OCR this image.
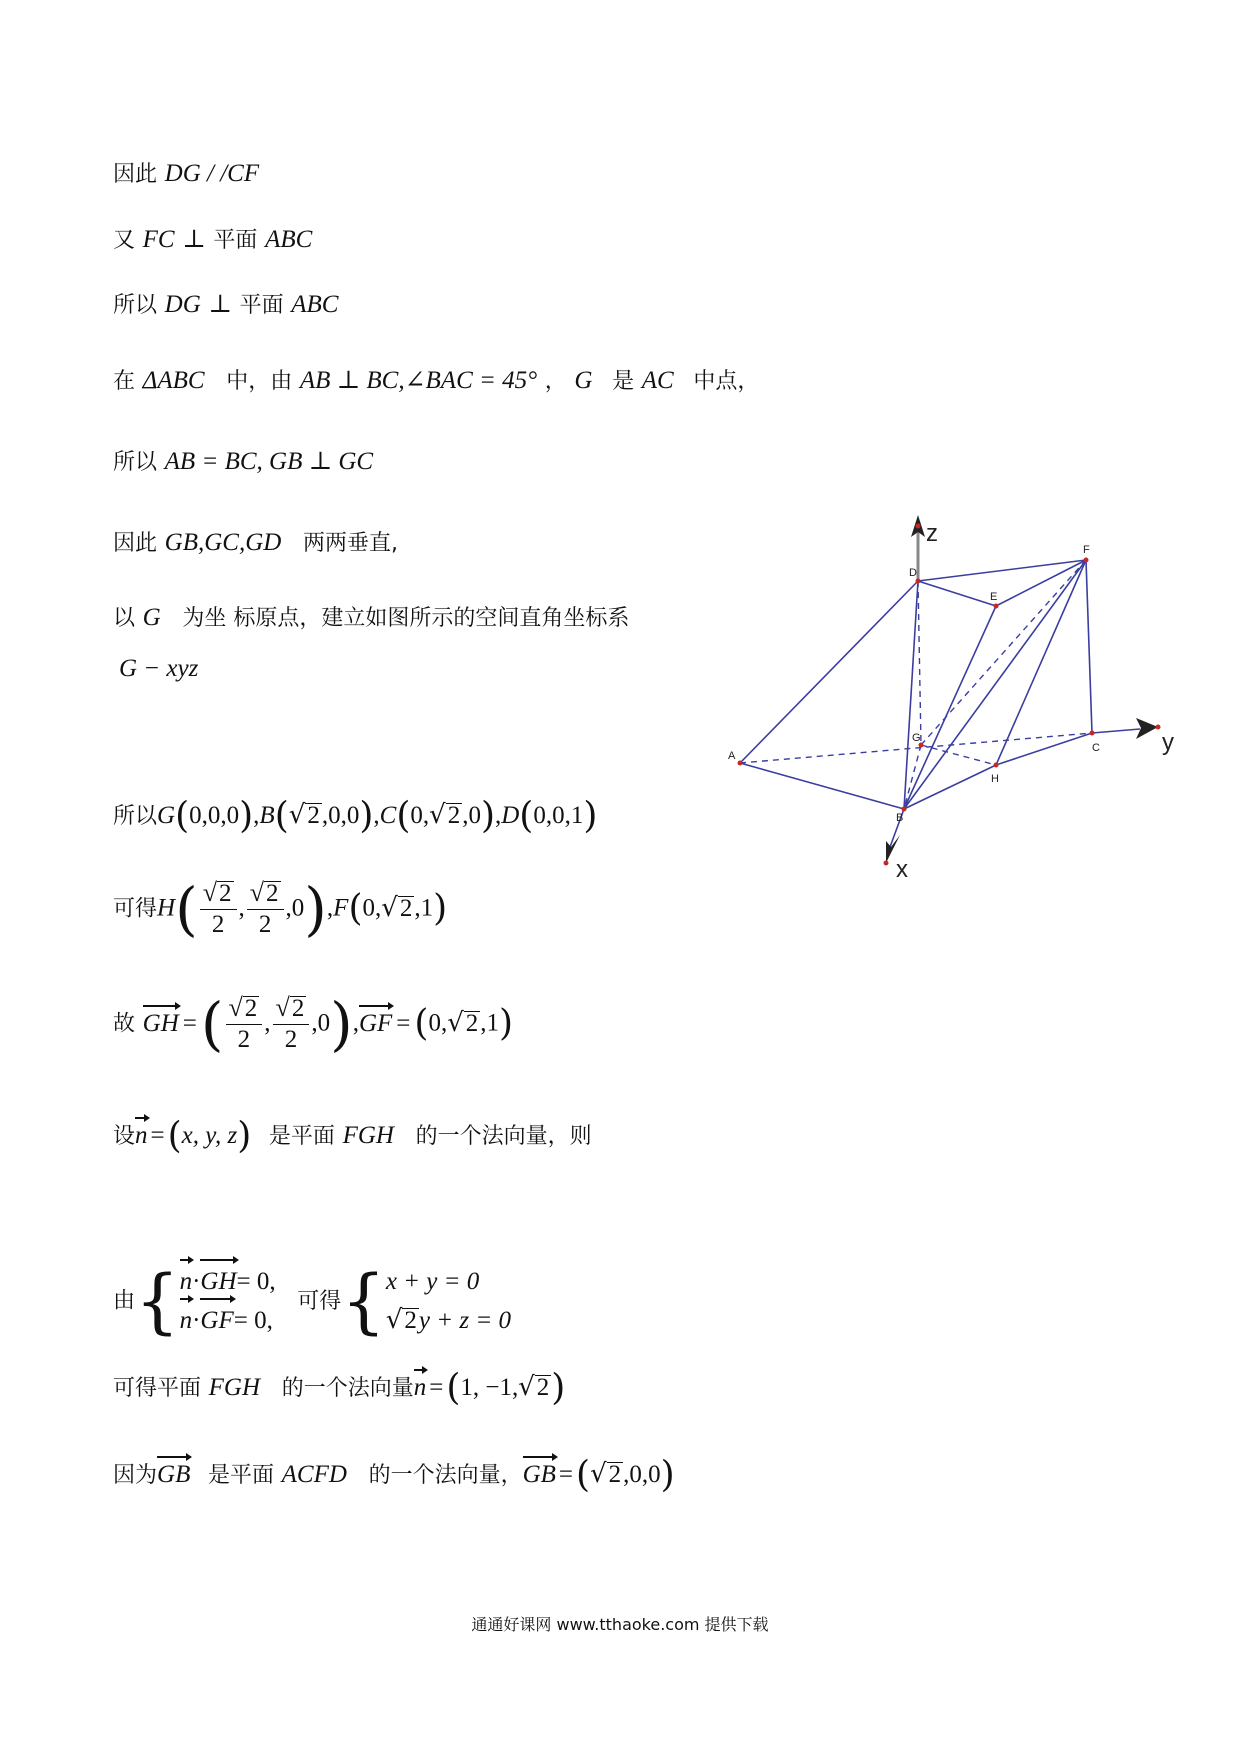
因此 DG / /CF
又 FC ⊥ 平面 ABC
所以 DG ⊥ 平面 ABC
在 ΔABC 中，由 AB ⊥ BC,∠BAC = 45° ， G 是 AC 中点，
所以 AB = BC, GB ⊥ GC
因此 GB,GC,GD 两两垂直,
以 G 为坐 标原点，建立如图所示的空间直角坐标系
G − xyz
所以G(0,0,0),B(√2,0,0),C(0,√2,0),D(0,0,1)
可得$H( \frac{√2}{2}$ , $\frac{√2}{2} ,0),F(0,√2,1)$
故 GH =( $\frac{√2}{2}$ , $\frac{√2}{2} ,0$),
GF = (0,√2,1)
设
n =(x, y, z) 是平面 FGH 的一个法向量，则
由{ n·
GH= 0,
n·
GF= 0,
可得{ x + y = 0
√2y + z = 0
可得平面 FGH 的一个法向量
n =(1, −1,√2)
因为
GB 是平面 ACFD 的一个法向量，
GB =(√2,0,0)
z
y
x
D
F
E
A
B
C
H
G
通通好课网 www.tthaoke.com 提供下载
